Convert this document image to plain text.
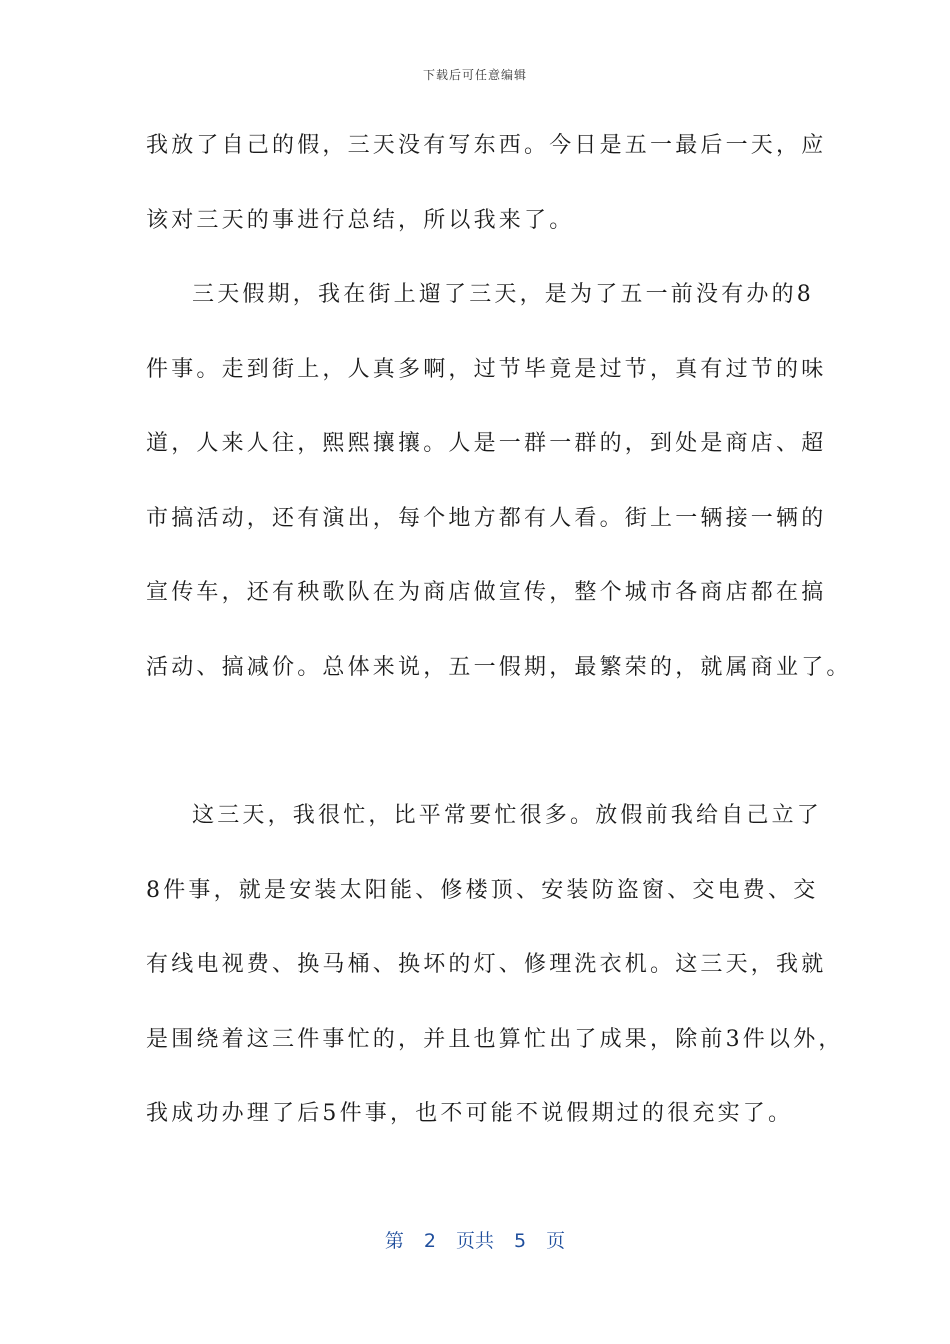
下载后可任意编辑
我放了自己的假，三天没有写东西。今日是五一最后一天，应
该对三天的事进行总结，所以我来了。
三天假期，我在街上遛了三天，是为了五一前没有办的8
件事。走到街上，人真多啊，过节毕竟是过节，真有过节的味
道，人来人往，熙熙攘攘。人是一群一群的，到处是商店、超
市搞活动，还有演出，每个地方都有人看。街上一辆接一辆的
宣传车，还有秧歌队在为商店做宣传，整个城市各商店都在搞
活动、搞减价。总体来说，五一假期，最繁荣的，就属商业了。
这三天，我很忙，比平常要忙很多。放假前我给自己立了
8件事，就是安装太阳能、修楼顶、安装防盗窗、交电费、交
有线电视费、换马桶、换坏的灯、修理洗衣机。这三天，我就
是围绕着这三件事忙的，并且也算忙出了成果，除前3件以外，
我成功办理了后5件事，也不可能不说假期过的很充实了。
第 2 页共 5 页
